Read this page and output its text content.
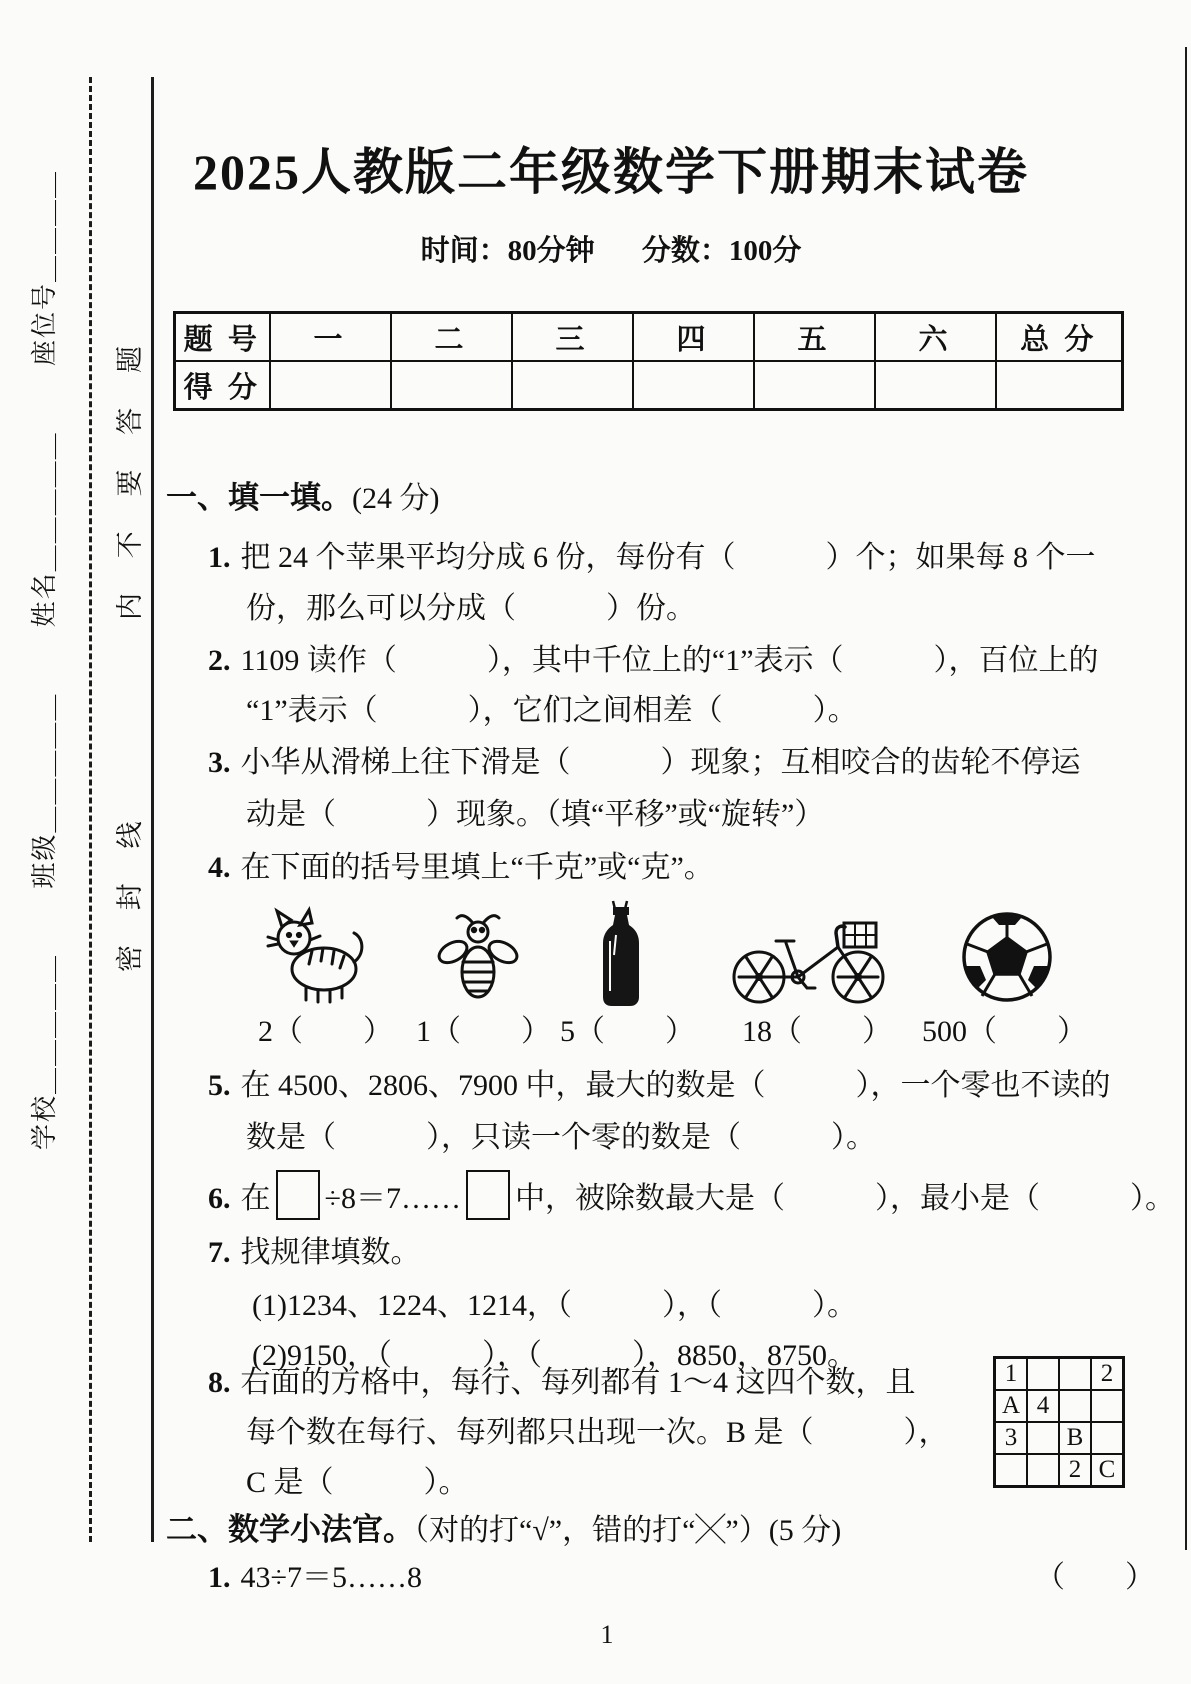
学校＿＿＿＿＿
班级＿＿＿＿＿
姓名＿＿＿＿＿
座位号＿＿＿＿
密 封 线
内 不 要 答 题
2025人教版二年级数学下册期末试卷
时间：80分钟 分数：100分
题 号	一	二	三	四	五	六	总 分
得 分							
一、填一填。(24 分)
1. 把 24 个苹果平均分成 6 份，每份有（　　　）个；如果每 8 个一
份，那么可以分成（　　　）份。
2. 1109 读作（　　　），其中千位上的“1”表示（　　　），百位上的
“1”表示（　　　），它们之间相差（　　　）。
3. 小华从滑梯上往下滑是（　　　）现象；互相咬合的齿轮不停运
动是（　　　）现象。（填“平移”或“旋转”）
4. 在下面的括号里填上“千克”或“克”。
2（　　） 1（　　） 5（　　） 18（　　） 500（　　）
5. 在 4500、2806、7900 中，最大的数是（　　　），一个零也不读的
数是（　　　），只读一个零的数是（　　　）。
6. 在 ÷8＝7…… 中，被除数最大是（　　　），最小是（　　　）。
7. 找规律填数。
(1)1234、1224、1214，（　　　），（　　　）。
(2)9150，（　　　），（　　　），8850，8750。
8. 右面的方格中，每行、每列都有 1～4 这四个数，且
每个数在每行、每列都只出现一次。B 是（　　　），
C 是（　　　）。
1			2
A	4		
3		B	
		2	C
二、数学小法官。（对的打“√”，错的打“╳”）(5 分)
1. 43÷7＝5……8	（　　）
1
